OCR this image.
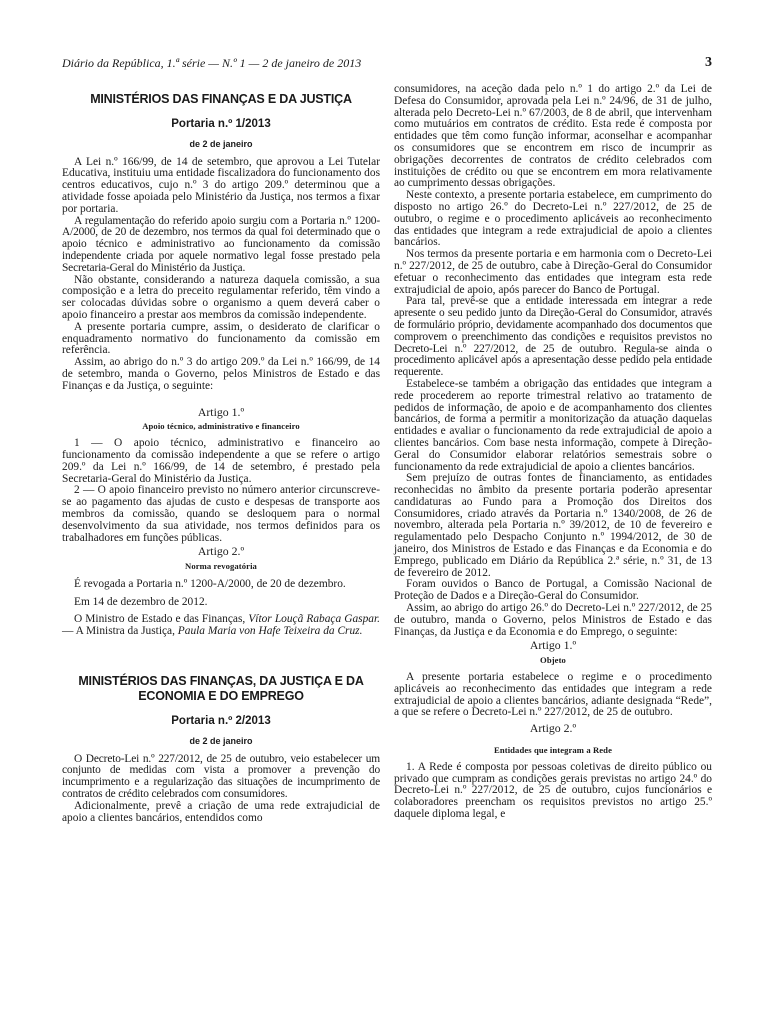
Diário da República, 1.ª série — N.º 1 — 2 de janeiro de 2013	3

MINISTÉRIOS DAS FINANÇAS E DA JUSTIÇA

Portaria n.º 1/2013

de 2 de janeiro

A Lei n.º 166/99, de 14 de setembro, que aprovou a Lei Tutelar Educativa, instituiu uma entidade fiscalizadora do funcionamento dos centros educativos, cujo n.º 3 do artigo 209.º determinou que a atividade fosse apoiada pelo Ministério da Justiça, nos termos a fixar por portaria.

A regulamentação do referido apoio surgiu com a Portaria n.º 1200-A/2000, de 20 de dezembro, nos termos da qual foi determinado que o apoio técnico e administrativo ao funcionamento da comissão independente criada por aquele normativo legal fosse prestado pela Secretaria-Geral do Ministério da Justiça.

Não obstante, considerando a natureza daquela comissão, a sua composição e a letra do preceito regulamentar referido, têm vindo a ser colocadas dúvidas sobre o organismo a quem deverá caber o apoio financeiro a prestar aos membros da comissão independente.

A presente portaria cumpre, assim, o desiderato de clarificar o enquadramento normativo do funcionamento da comissão em referência.

Assim, ao abrigo do n.º 3 do artigo 209.º da Lei n.º 166/99, de 14 de setembro, manda o Governo, pelos Ministros de Estado e das Finanças e da Justiça, o seguinte:

Artigo 1.º

Apoio técnico, administrativo e financeiro

1 — O apoio técnico, administrativo e financeiro ao funcionamento da comissão independente a que se refere o artigo 209.º da Lei n.º 166/99, de 14 de setembro, é prestado pela Secretaria-Geral do Ministério da Justiça.

2 — O apoio financeiro previsto no número anterior circunscreve-se ao pagamento das ajudas de custo e despesas de transporte aos membros da comissão, quando se desloquem para o normal desenvolvimento da sua atividade, nos termos definidos para os trabalhadores em funções públicas.

Artigo 2.º

Norma revogatória

É revogada a Portaria n.º 1200-A/2000, de 20 de dezembro.

Em 14 de dezembro de 2012.

O Ministro de Estado e das Finanças, Vítor Louçã Rabaça Gaspar. — A Ministra da Justiça, Paula Maria von Hafe Teixeira da Cruz.

MINISTÉRIOS DAS FINANÇAS, DA JUSTIÇA E DA ECONOMIA E DO EMPREGO

Portaria n.º 2/2013

de 2 de janeiro

O Decreto-Lei n.º 227/2012, de 25 de outubro, veio estabelecer um conjunto de medidas com vista a promover a prevenção do incumprimento e a regularização das situações de incumprimento de contratos de crédito celebrados com consumidores.

Adicionalmente, prevê a criação de uma rede extrajudicial de apoio a clientes bancários, entendidos como

consumidores, na aceção dada pelo n.º 1 do artigo 2.º da Lei de Defesa do Consumidor, aprovada pela Lei n.º 24/96, de 31 de julho, alterada pelo Decreto-Lei n.º 67/2003, de 8 de abril, que intervenham como mutuários em contratos de crédito. Esta rede é composta por entidades que têm como função informar, aconselhar e acompanhar os consumidores que se encontrem em risco de incumprir as obrigações decorrentes de contratos de crédito celebrados com instituições de crédito ou que se encontrem em mora relativamente ao cumprimento dessas obrigações.

Neste contexto, a presente portaria estabelece, em cumprimento do disposto no artigo 26.º do Decreto-Lei n.º 227/2012, de 25 de outubro, o regime e o procedimento aplicáveis ao reconhecimento das entidades que integram a rede extrajudicial de apoio a clientes bancários.

Nos termos da presente portaria e em harmonia com o Decreto-Lei n.º 227/2012, de 25 de outubro, cabe à Direção-Geral do Consumidor efetuar o reconhecimento das entidades que integram esta rede extrajudicial de apoio, após parecer do Banco de Portugal.

Para tal, prevê-se que a entidade interessada em integrar a rede apresente o seu pedido junto da Direção-Geral do Consumidor, através de formulário próprio, devidamente acompanhado dos documentos que comprovem o preenchimento das condições e requisitos previstos no Decreto-Lei n.º 227/2012, de 25 de outubro. Regula-se ainda o procedimento aplicável após a apresentação desse pedido pela entidade requerente.

Estabelece-se também a obrigação das entidades que integram a rede procederem ao reporte trimestral relativo ao tratamento de pedidos de informação, de apoio e de acompanhamento dos clientes bancários, de forma a permitir a monitorização da atuação daquelas entidades e avaliar o funcionamento da rede extrajudicial de apoio a clientes bancários. Com base nesta informação, compete à Direção-Geral do Consumidor elaborar relatórios semestrais sobre o funcionamento da rede extrajudicial de apoio a clientes bancários.

Sem prejuízo de outras fontes de financiamento, as entidades reconhecidas no âmbito da presente portaria poderão apresentar candidaturas ao Fundo para a Promoção dos Direitos dos Consumidores, criado através da Portaria n.º 1340/2008, de 26 de novembro, alterada pela Portaria n.º 39/2012, de 10 de fevereiro e regulamentado pelo Despacho Conjunto n.º 1994/2012, de 30 de janeiro, dos Ministros de Estado e das Finanças e da Economia e do Emprego, publicado em Diário da República 2.ª série, n.º 31, de 13 de fevereiro de 2012.

Foram ouvidos o Banco de Portugal, a Comissão Nacional de Proteção de Dados e a Direção-Geral do Consumidor.

Assim, ao abrigo do artigo 26.º do Decreto-Lei n.º 227/2012, de 25 de outubro, manda o Governo, pelos Ministros de Estado e das Finanças, da Justiça e da Economia e do Emprego, o seguinte:

Artigo 1.º

Objeto

A presente portaria estabelece o regime e o procedimento aplicáveis ao reconhecimento das entidades que integram a rede extrajudicial de apoio a clientes bancários, adiante designada “Rede”, a que se refere o Decreto-Lei n.º 227/2012, de 25 de outubro.

Artigo 2.º

Entidades que integram a Rede

1. A Rede é composta por pessoas coletivas de direito público ou privado que cumpram as condições gerais previstas no artigo 24.º do Decreto-Lei n.º 227/2012, de 25 de outubro, cujos funcionários e colaboradores preencham os requisitos previstos no artigo 25.º daquele diploma legal, e
